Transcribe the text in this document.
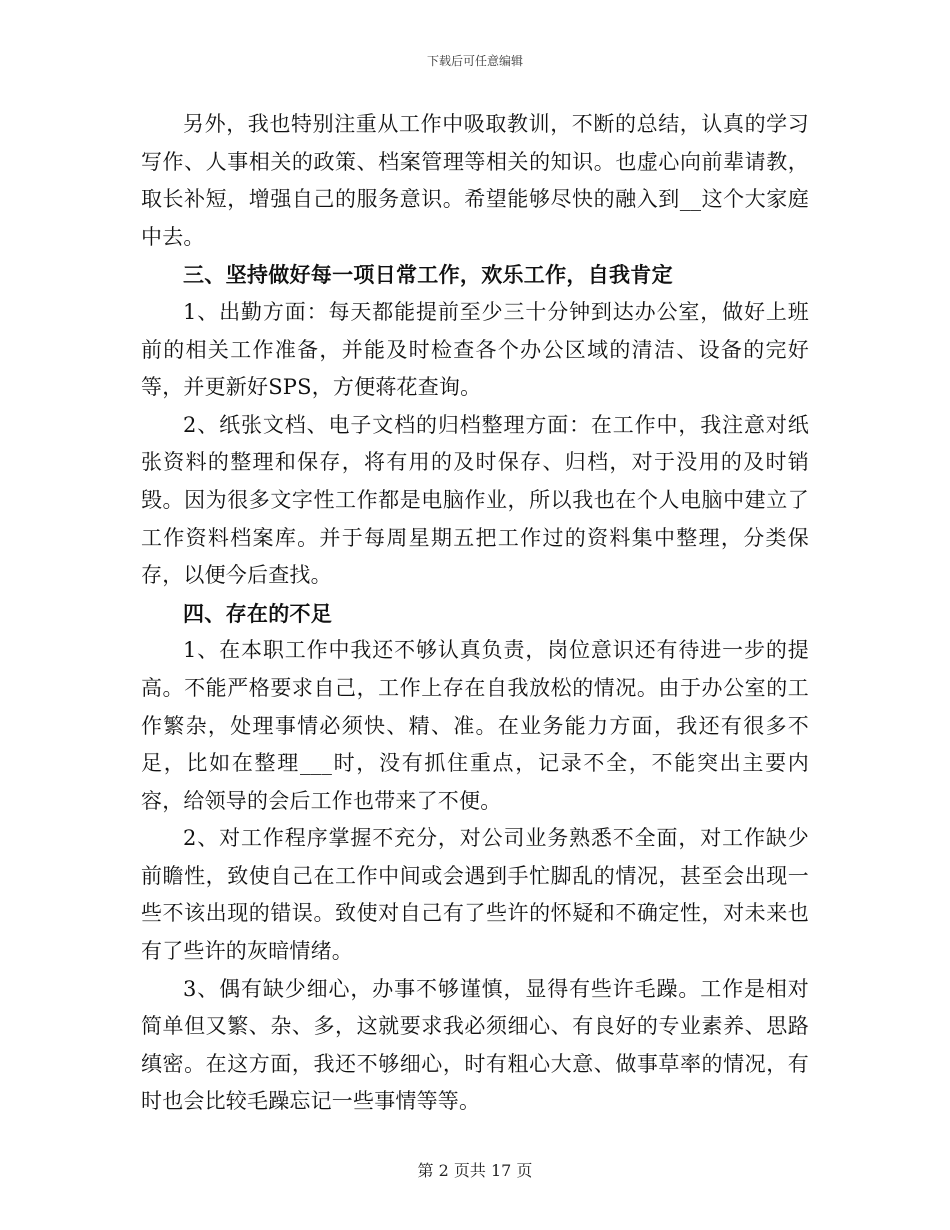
下载后可任意编辑

另外，我也特别注重从工作中吸取教训，不断的总结，认真的学习写作、人事相关的政策、档案管理等相关的知识。也虚心向前辈请教，取长补短，增强自己的服务意识。希望能够尽快的融入到__这个大家庭中去。

三、坚持做好每一项日常工作，欢乐工作，自我肯定

1、出勤方面：每天都能提前至少三十分钟到达办公室，做好上班前的相关工作准备，并能及时检查各个办公区域的清洁、设备的完好等，并更新好SPS，方便蒋花查询。

2、纸张文档、电子文档的归档整理方面：在工作中，我注意对纸张资料的整理和保存，将有用的及时保存、归档，对于没用的及时销毁。因为很多文字性工作都是电脑作业，所以我也在个人电脑中建立了工作资料档案库。并于每周星期五把工作过的资料集中整理，分类保存，以便今后查找。

四、存在的不足

1、在本职工作中我还不够认真负责，岗位意识还有待进一步的提高。不能严格要求自己，工作上存在自我放松的情况。由于办公室的工作繁杂，处理事情必须快、精、准。在业务能力方面，我还有很多不足，比如在整理___时，没有抓住重点，记录不全，不能突出主要内容，给领导的会后工作也带来了不便。

2、对工作程序掌握不充分，对公司业务熟悉不全面，对工作缺少前瞻性，致使自己在工作中间或会遇到手忙脚乱的情况，甚至会出现一些不该出现的错误。致使对自己有了些许的怀疑和不确定性，对未来也有了些许的灰暗情绪。

3、偶有缺少细心，办事不够谨慎，显得有些许毛躁。工作是相对简单但又繁、杂、多，这就要求我必须细心、有良好的专业素养、思路缜密。在这方面，我还不够细心，时有粗心大意、做事草率的情况，有时也会比较毛躁忘记一些事情等等。

第 2 页共 17 页
